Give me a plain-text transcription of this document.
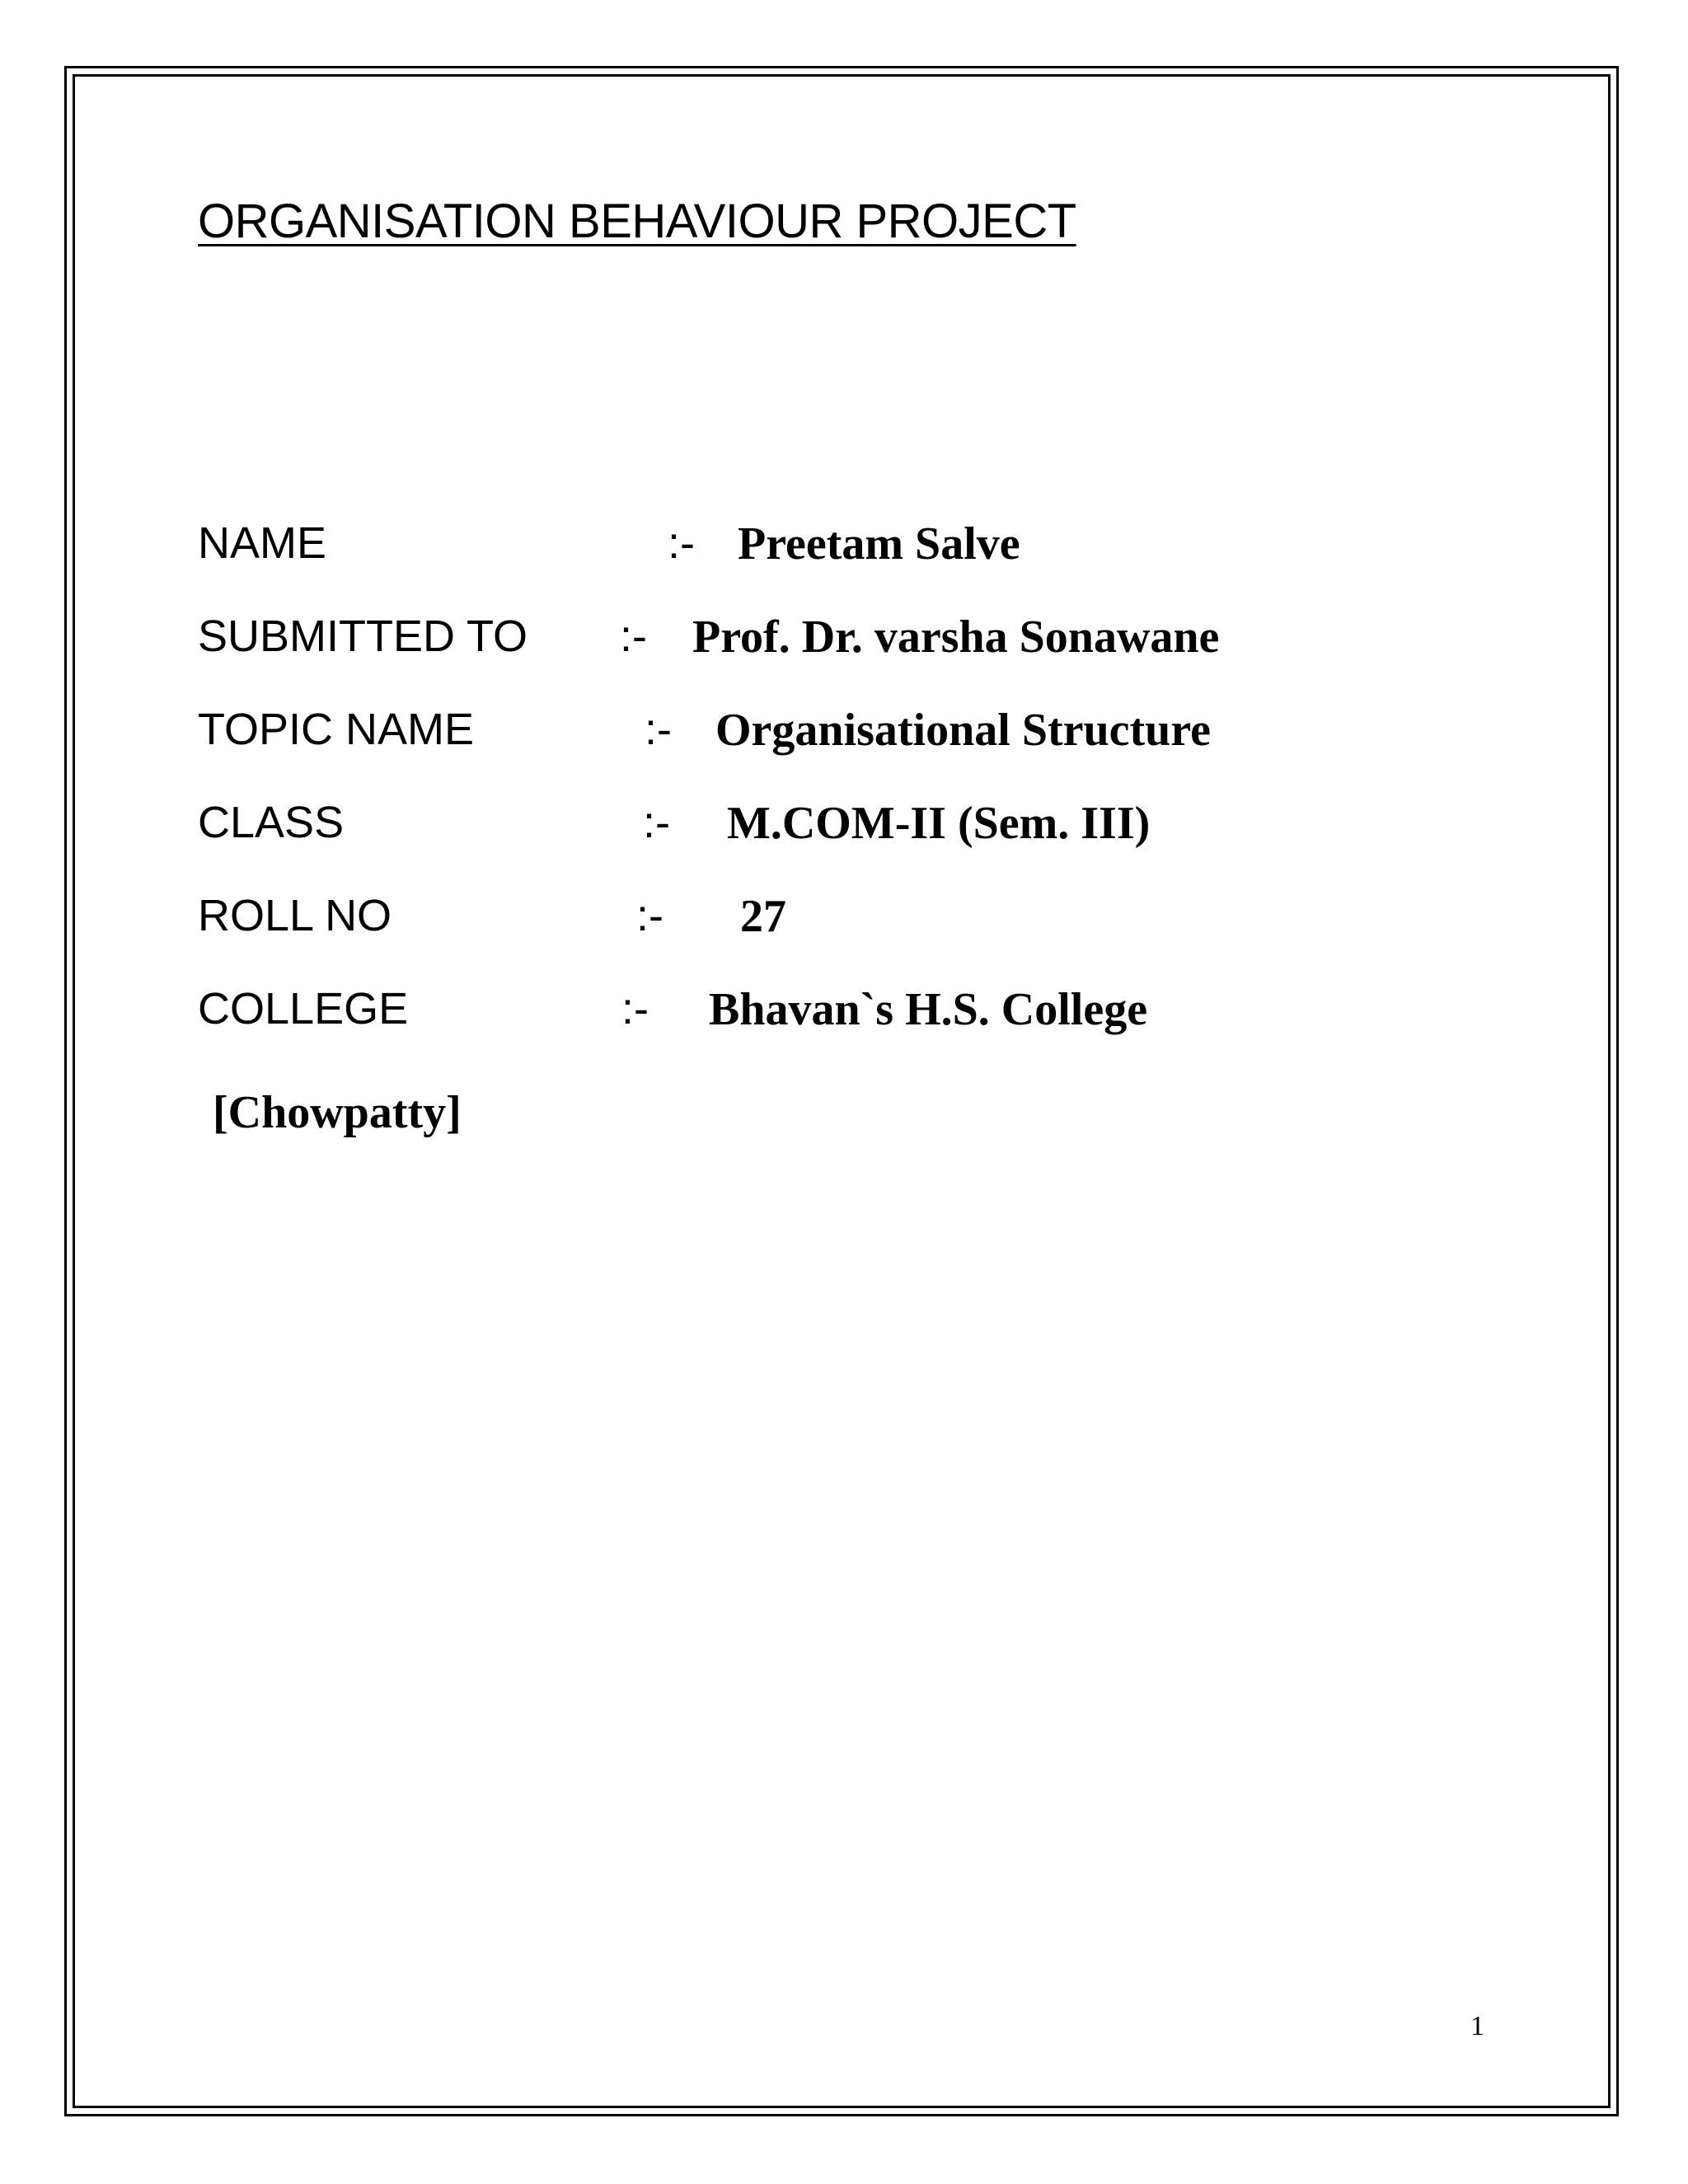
ORGANISATION BEHAVIOUR PROJECT
NAME	:- Preetam Salve
SUBMITTED TO :- Prof. Dr. varsha Sonawane
TOPIC NAME	:- Organisational Structure
CLASS	:- M.COM-II (Sem. III)
ROLL NO	:- 27
COLLEGE	:- Bhavan`s H.S. College
[Chowpatty]
1
